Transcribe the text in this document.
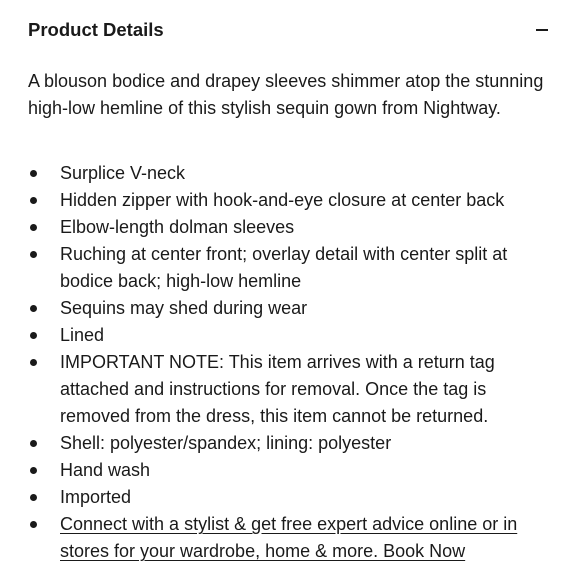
Product Details

A blouson bodice and drapey sleeves shimmer atop the stunning high-low hemline of this stylish sequin gown from Nightway.

Surplice V-neck
Hidden zipper with hook-and-eye closure at center back
Elbow-length dolman sleeves
Ruching at center front; overlay detail with center split at bodice back; high-low hemline
Sequins may shed during wear
Lined
IMPORTANT NOTE: This item arrives with a return tag attached and instructions for removal. Once the tag is removed from the dress, this item cannot be returned.
Shell: polyester/spandex; lining: polyester
Hand wash
Imported
Connect with a stylist & get free expert advice online or in stores for your wardrobe, home & more. Book Now
